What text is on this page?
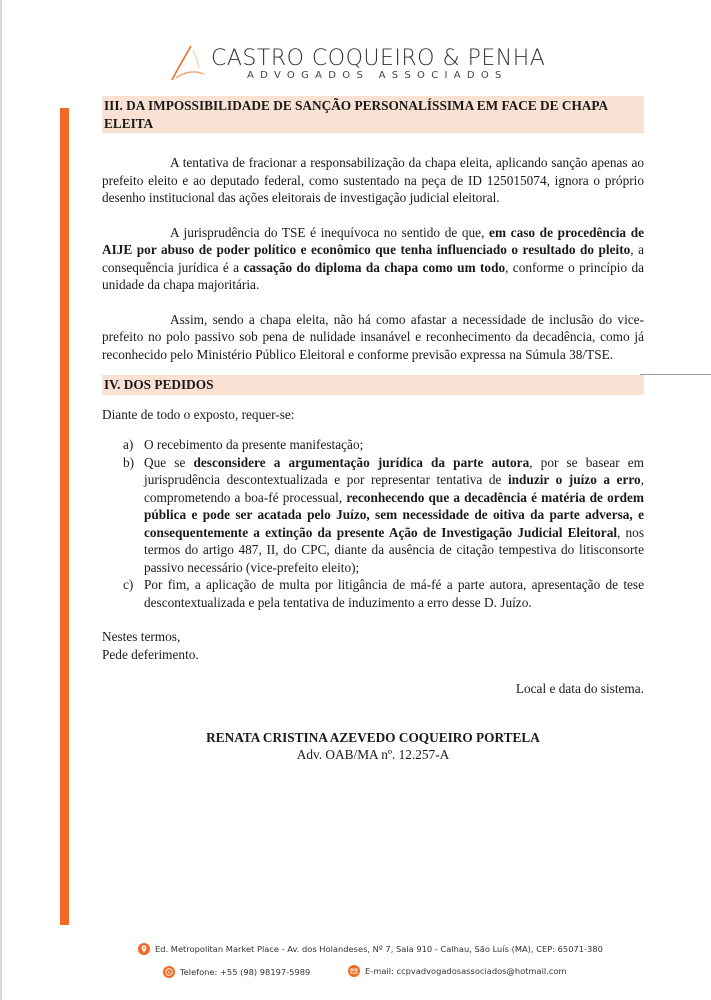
CASTRO COQUEIRO & PENHA
ADVOGADOS ASSOCIADOS
III. DA IMPOSSIBILIDADE DE SANÇÃO PERSONALÍSSIMA EM FACE DE CHAPA ELEITA

A tentativa de fracionar a responsabilização da chapa eleita, aplicando sanção apenas ao prefeito eleito e ao deputado federal, como sustentado na peça de ID 125015074, ignora o próprio desenho institucional das ações eleitorais de investigação judicial eleitoral.

A jurisprudência do TSE é inequívoca no sentido de que, em caso de procedência de AIJE por abuso de poder político e econômico que tenha influenciado o resultado do pleito, a consequência jurídica é a cassação do diploma da chapa como um todo, conforme o princípio da unidade da chapa majoritária.

Assim, sendo a chapa eleita, não há como afastar a necessidade de inclusão do vice-prefeito no polo passivo sob pena de nulidade insanável e reconhecimento da decadência, como já reconhecido pelo Ministério Público Eleitoral e conforme previsão expressa na Súmula 38/TSE.

IV. DOS PEDIDOS

Diante de todo o exposto, requer-se:

a) O recebimento da presente manifestação;
b) Que se desconsidere a argumentação jurídica da parte autora, por se basear em jurisprudência descontextualizada e por representar tentativa de induzir o juízo a erro, comprometendo a boa-fé processual, reconhecendo que a decadência é matéria de ordem pública e pode ser acatada pelo Juízo, sem necessidade de oitiva da parte adversa, e consequentemente a extinção da presente Ação de Investigação Judicial Eleitoral, nos termos do artigo 487, II, do CPC, diante da ausência de citação tempestiva do litisconsorte passivo necessário (vice-prefeito eleito);
c) Por fim, a aplicação de multa por litigância de má-fé a parte autora, apresentação de tese descontextualizada e pela tentativa de induzimento a erro desse D. Juízo.

Nestes termos,

Pede deferimento.

Local e data do sistema.

RENATA CRISTINA AZEVEDO COQUEIRO PORTELA

Adv. OAB/MA nº. 12.257-A

Ed. Metropolitan Market Place - Av. dos Holandeses, Nº 7, Sala 910 - Calhau, São Luís (MA), CEP: 65071-380
Telefone: +55 (98) 98197-5989	E-mail: ccpvadvogadosassociados@hotmail.com
